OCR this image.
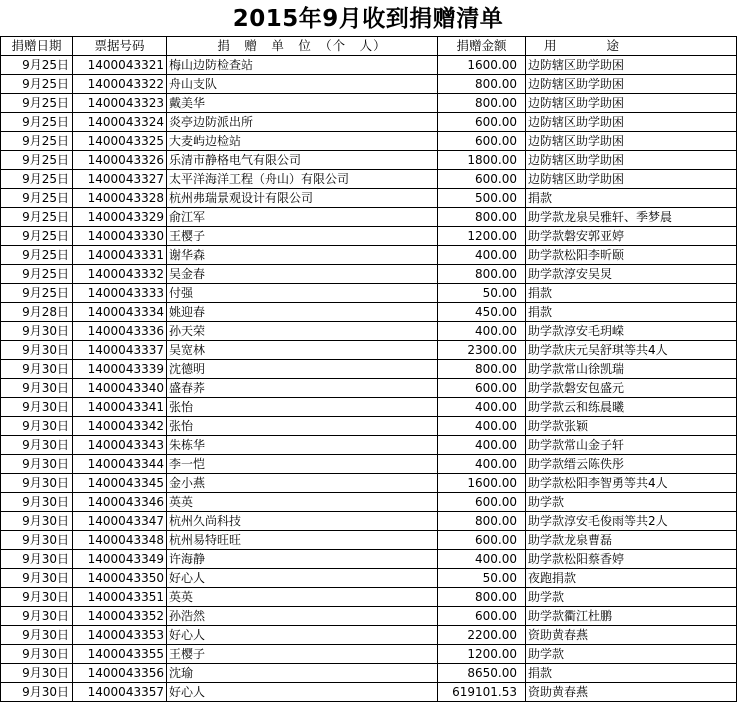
2015年9月收到捐赠清单
捐赠日期	票据号码	捐　赠　单　位　（个　人）	捐赠金额	用　　　　途
9月25日	1400043321	梅山边防检查站	1600.00	边防辖区助学助困
9月25日	1400043322	舟山支队	800.00	边防辖区助学助困
9月25日	1400043323	戴美华	800.00	边防辖区助学助困
9月25日	1400043324	炎亭边防派出所	600.00	边防辖区助学助困
9月25日	1400043325	大麦屿边检站	600.00	边防辖区助学助困
9月25日	1400043326	乐清市静格电气有限公司	1800.00	边防辖区助学助困
9月25日	1400043327	太平洋海洋工程（舟山）有限公司	600.00	边防辖区助学助困
9月25日	1400043328	杭州弗瑞景观设计有限公司	500.00	捐款
9月25日	1400043329	俞江军	800.00	助学款龙泉吴雅轩、季梦晨
9月25日	1400043330	王樱子	1200.00	助学款磐安郭亚婷
9月25日	1400043331	谢华森	400.00	助学款松阳李昕颐
9月25日	1400043332	吴金春	800.00	助学款淳安吴炅
9月25日	1400043333	付强	50.00	捐款
9月28日	1400043334	姚迎春	450.00	捐款
9月30日	1400043336	孙天荣	400.00	助学款淳安毛玥嵘
9月30日	1400043337	吴宽林	2300.00	助学款庆元吴舒琪等共4人
9月30日	1400043339	沈德明	800.00	助学款常山徐凯瑞
9月30日	1400043340	盛春荞	600.00	助学款磐安包盛元
9月30日	1400043341	张怡	400.00	助学款云和练晨曦
9月30日	1400043342	张怡	400.00	助学款张颖
9月30日	1400043343	朱栋华	400.00	助学款常山金子轩
9月30日	1400043344	李一恺	400.00	助学款缙云陈佚彤
9月30日	1400043345	金小燕	1600.00	助学款松阳李智勇等共4人
9月30日	1400043346	英英	600.00	助学款
9月30日	1400043347	杭州久尚科技	800.00	助学款淳安毛俊雨等共2人
9月30日	1400043348	杭州易特旺旺	600.00	助学款龙泉曹磊
9月30日	1400043349	许海静	400.00	助学款松阳蔡香婷
9月30日	1400043350	好心人	50.00	夜跑捐款
9月30日	1400043351	英英	800.00	助学款
9月30日	1400043352	孙浩然	600.00	助学款衢江杜鹏
9月30日	1400043353	好心人	2200.00	资助黄春燕
9月30日	1400043355	王樱子	1200.00	助学款
9月30日	1400043356	沈瑜	8650.00	捐款
9月30日	1400043357	好心人	619101.53	资助黄春燕
